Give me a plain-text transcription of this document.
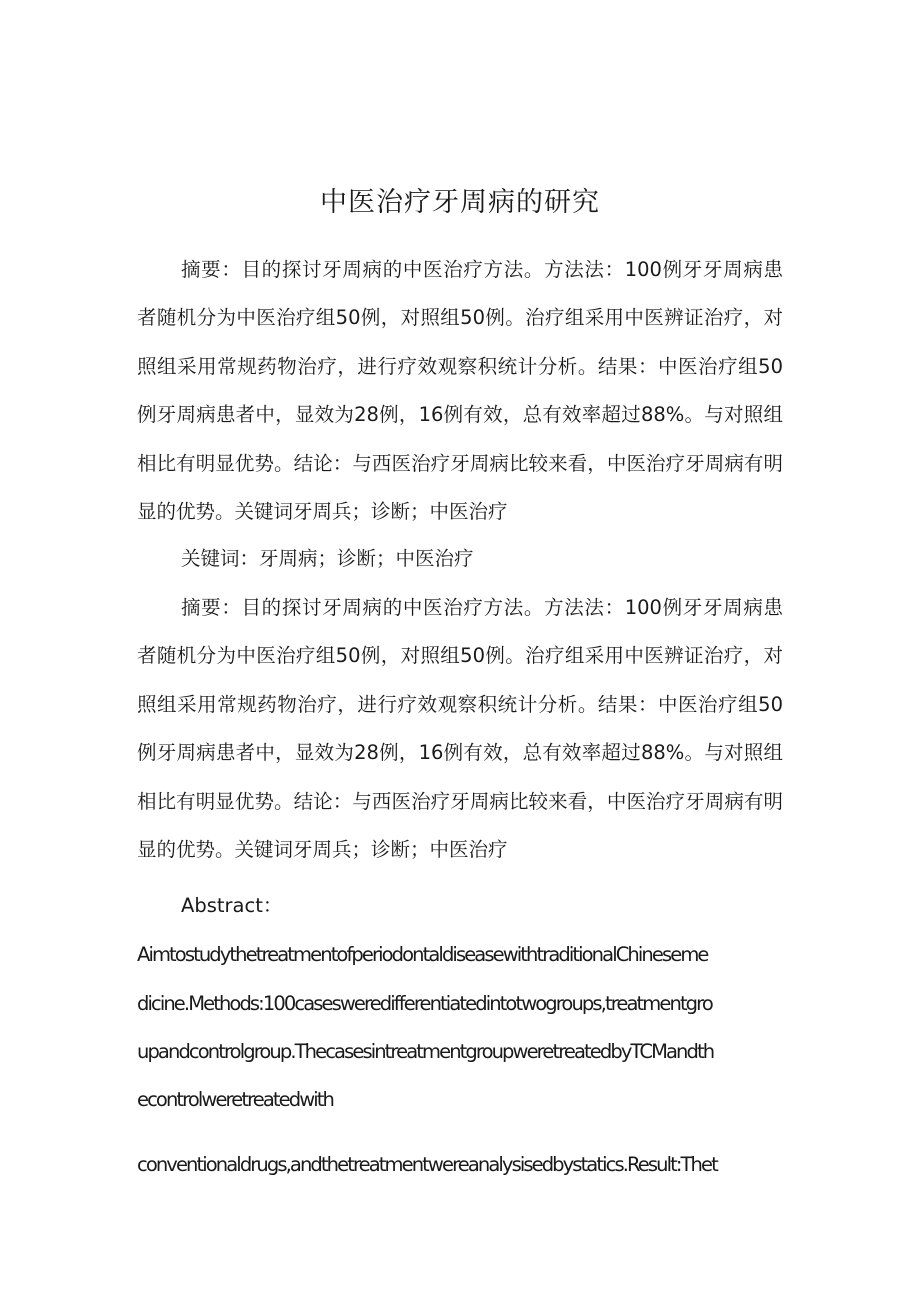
中医治疗牙周病的研究

摘要：目的探讨牙周病的中医治疗方法。方法法：100例牙牙周病患者随机分为中医治疗组50例，对照组50例。治疗组采用中医辨证治疗，对照组采用常规药物治疗，进行疗效观察积统计分析。结果：中医治疗组50例牙周病患者中，显效为28例，16例有效，总有效率超过88%。与对照组相比有明显优势。结论：与西医治疗牙周病比较来看，中医治疗牙周病有明显的优势。关键词牙周兵；诊断；中医治疗

关键词：牙周病；诊断；中医治疗

摘要：目的探讨牙周病的中医治疗方法。方法法：100例牙牙周病患者随机分为中医治疗组50例，对照组50例。治疗组采用中医辨证治疗，对照组采用常规药物治疗，进行疗效观察积统计分析。结果：中医治疗组50例牙周病患者中，显效为28例，16例有效，总有效率超过88%。与对照组相比有明显优势。结论：与西医治疗牙周病比较来看，中医治疗牙周病有明显的优势。关键词牙周兵；诊断；中医治疗

Abstract：

AimtostudythetreatmentofperiodontaldiseasewithtraditionalChineseme

dicine.Methods:100casesweredifferentiatedintotwogroups,treatmentgro

upandcontrolgroup.ThecasesintreatmentgroupweretreatedbyTCMandth

econtrolweretreatedwith

conventionaldrugs,andthetreatmentwereanalysisedbystatics.Result:Thet
